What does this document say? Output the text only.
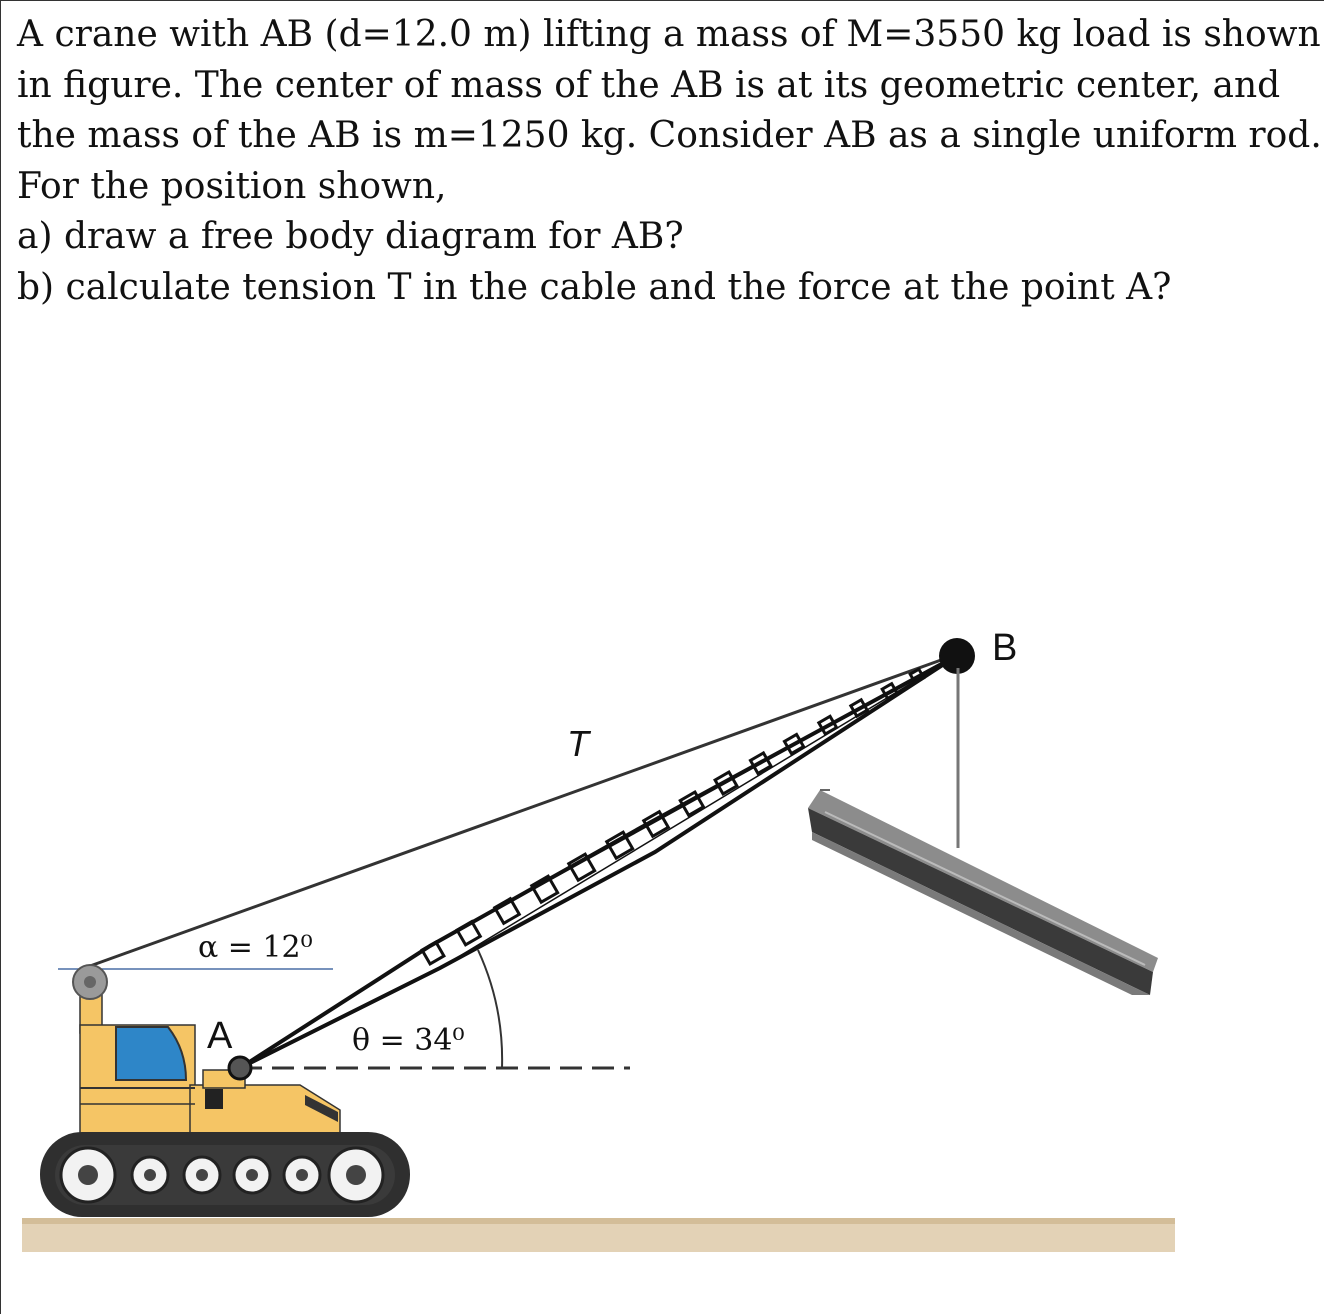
A crane with AB (d=12.0 m) lifting a mass of M=3550 kg load is shown
in figure. The center of mass of the AB is at its geometric center, and
the mass of the AB is m=1250 kg. Consider AB as a single uniform rod.
For the position shown,
a) draw a free body diagram for AB?
b) calculate tension T in the cable and the force at the point A?
B
T
A
α = 12⁰
θ = 34⁰
